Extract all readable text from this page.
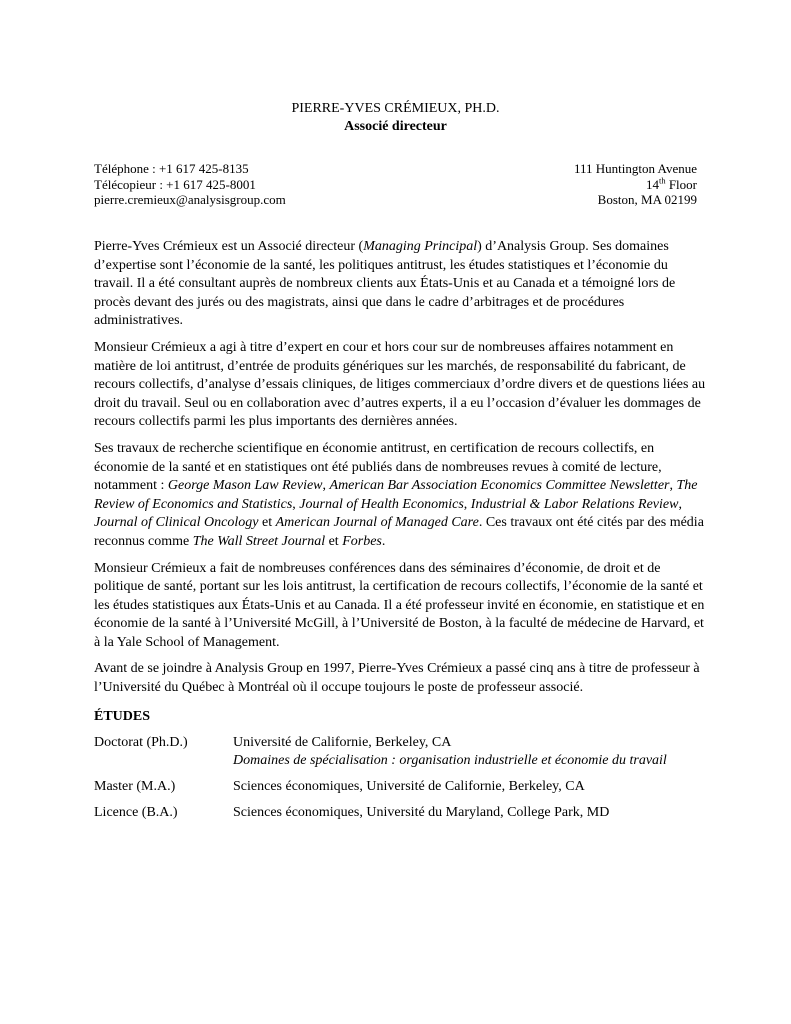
PIERRE-YVES CRÉMIEUX, PH.D.
Associé directeur
Téléphone : +1 617 425-8135
Télécopieur : +1 617 425-8001
pierre.cremieux@analysisgroup.com
111 Huntington Avenue
14th Floor
Boston, MA 02199

Pierre-Yves Crémieux est un Associé directeur (Managing Principal) d’Analysis Group. Ses domaines d’expertise sont l’économie de la santé, les politiques antitrust, les études statistiques et l’économie du travail. Il a été consultant auprès de nombreux clients aux États-Unis et au Canada et a témoigné lors de procès devant des jurés ou des magistrats, ainsi que dans le cadre d’arbitrages et de procédures administratives.

Monsieur Crémieux a agi à titre d’expert en cour et hors cour sur de nombreuses affaires notamment en matière de loi antitrust, d’entrée de produits génériques sur les marchés, de responsabilité du fabricant, de recours collectifs, d’analyse d’essais cliniques, de litiges commerciaux d’ordre divers et de questions liées au droit du travail. Seul ou en collaboration avec d’autres experts, il a eu l’occasion d’évaluer les dommages de recours collectifs parmi les plus importants des dernières années.

Ses travaux de recherche scientifique en économie antitrust, en certification de recours collectifs, en économie de la santé et en statistiques ont été publiés dans de nombreuses revues à comité de lecture, notamment : George Mason Law Review, American Bar Association Economics Committee Newsletter, The Review of Economics and Statistics, Journal of Health Economics, Industrial & Labor Relations Review, Journal of Clinical Oncology et American Journal of Managed Care. Ces travaux ont été cités par des média reconnus comme The Wall Street Journal et Forbes.

Monsieur Crémieux a fait de nombreuses conférences dans des séminaires d’économie, de droit et de politique de santé, portant sur les lois antitrust, la certification de recours collectifs, l’économie de la santé et les études statistiques aux États-Unis et au Canada. Il a été professeur invité en économie, en statistique et en économie de la santé à l’Université McGill, à l’Université de Boston, à la faculté de médecine de Harvard, et à la Yale School of Management.

Avant de se joindre à Analysis Group en 1997, Pierre-Yves Crémieux a passé cinq ans à titre de professeur à l’Université du Québec à Montréal où il occupe toujours le poste de professeur associé.

ÉTUDES
Doctorat (Ph.D.)	Université de Californie, Berkeley, CA
Domaines de spécialisation : organisation industrielle et économie du travail
Master (M.A.)	Sciences économiques, Université de Californie, Berkeley, CA
Licence (B.A.)	Sciences économiques, Université du Maryland, College Park, MD
